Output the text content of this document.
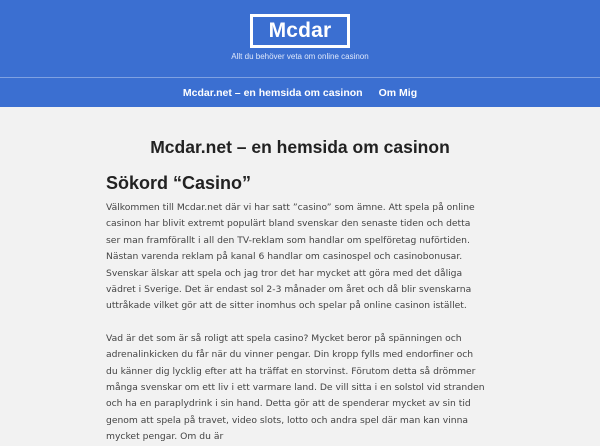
Mcdar
Allt du behöver veta om online casinon
Mcdar.net – en hemsida om casinon Om Mig
Mcdar.net – en hemsida om casinon
Sökord “Casino”

Välkommen till Mcdar.net där vi har satt ”casino” som ämne. Att spela på online casinon har blivit extremt populärt bland svenskar den senaste tiden och detta ser man framförallt i all den TV-reklam som handlar om spelföretag nuförtiden. Nästan varenda reklam på kanal 6 handlar om casinospel och casinobonusar. Svenskar älskar att spela och jag tror det har mycket att göra med det dåliga vädret i Sverige. Det är endast sol 2-3 månader om året och då blir svenskarna uttråkade vilket gör att de sitter inomhus och spelar på online casinon istället.

Vad är det som är så roligt att spela casino? Mycket beror på spänningen och adrenalinkicken du får när du vinner pengar. Din kropp fylls med endorfiner och du känner dig lycklig efter att ha träffat en storvinst. Förutom detta så drömmer många svenskar om ett liv i ett varmare land. De vill sitta i en solstol vid stranden och ha en paraplydrink i sin hand. Detta gör att de spenderar mycket av sin tid genom att spela på travet, video slots, lotto och andra spel där man kan vinna mycket pengar. Om du är
